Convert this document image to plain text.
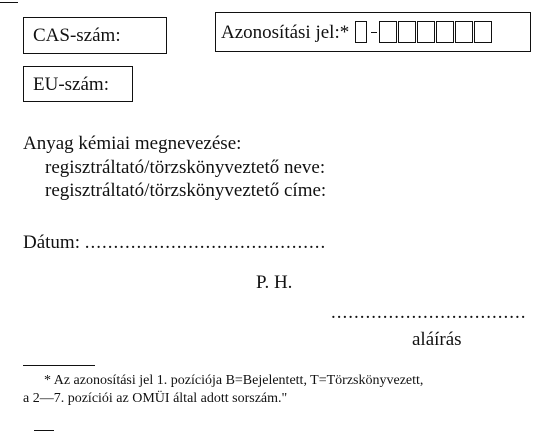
CAS-szám:	Azonosítási jel:*
EU-szám:
Anyag kémiai megnevezése:
regisztráltató/törzskönyveztető neve:
regisztráltató/törzskönyveztető címe:
Dátum: ..........................................
P. H.
..................................
aláírás
* Az azonosítási jel 1. pozíciója B=Bejelentett, T=Törzskönyvezett,
a 2—7. pozíciói az OMÜI által adott sorszám."
